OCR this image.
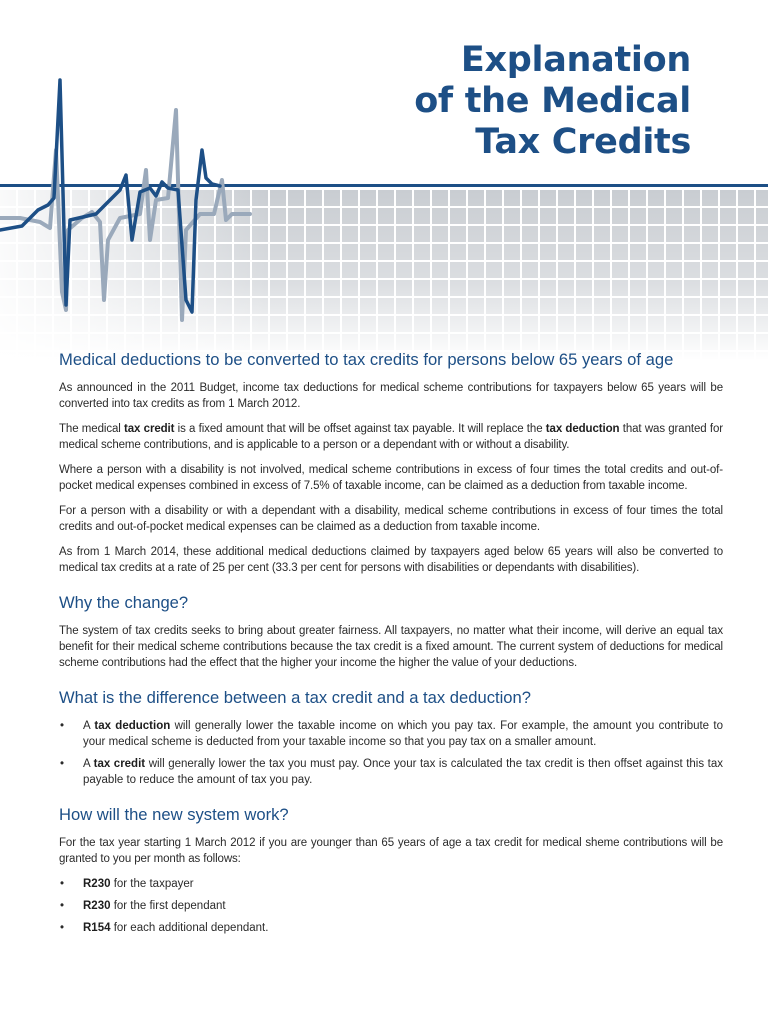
Explanation
of the Medical
Tax Credits
Medical deductions to be converted to tax credits for persons below 65 years of age

As announced in the 2011 Budget, income tax deductions for medical scheme contributions for taxpayers below 65 years will be converted into tax credits as from 1 March 2012.

The medical tax credit is a fixed amount that will be offset against tax payable. It will replace the tax deduction that was granted for medical scheme contributions, and is applicable to a person or a dependant with or without a disability.

Where a person with a disability is not involved, medical scheme contributions in excess of four times the total credits and out-of-pocket medical expenses combined in excess of 7.5% of taxable income, can be claimed as a deduction from taxable income.

For a person with a disability or with a dependant with a disability, medical scheme contributions in excess of four times the total credits and out-of-pocket medical expenses can be claimed as a deduction from taxable income.

As from 1 March 2014, these additional medical deductions claimed by taxpayers aged below 65 years will also be converted to medical tax credits at a rate of 25 per cent (33.3 per cent for persons with disabilities or dependants with disabilities).

Why the change?

The system of tax credits seeks to bring about greater fairness. All taxpayers, no matter what their income, will derive an equal tax benefit for their medical scheme contributions because the tax credit is a fixed amount. The current system of deductions for medical scheme contributions had the effect that the higher your income the higher the value of your deductions.

What is the difference between a tax credit and a tax deduction?
• A tax deduction will generally lower the taxable income on which you pay tax. For example, the amount you contribute to your medical scheme is deducted from your taxable income so that you pay tax on a smaller amount.
• A tax credit will generally lower the tax you must pay. Once your tax is calculated the tax credit is then offset against this tax payable to reduce the amount of tax you pay.
How will the new system work?

For the tax year starting 1 March 2012 if you are younger than 65 years of age a tax credit for medical sheme contributions will be granted to you per month as follows:

• R230 for the taxpayer
• R230 for the first dependant
• R154 for each additional dependant.
